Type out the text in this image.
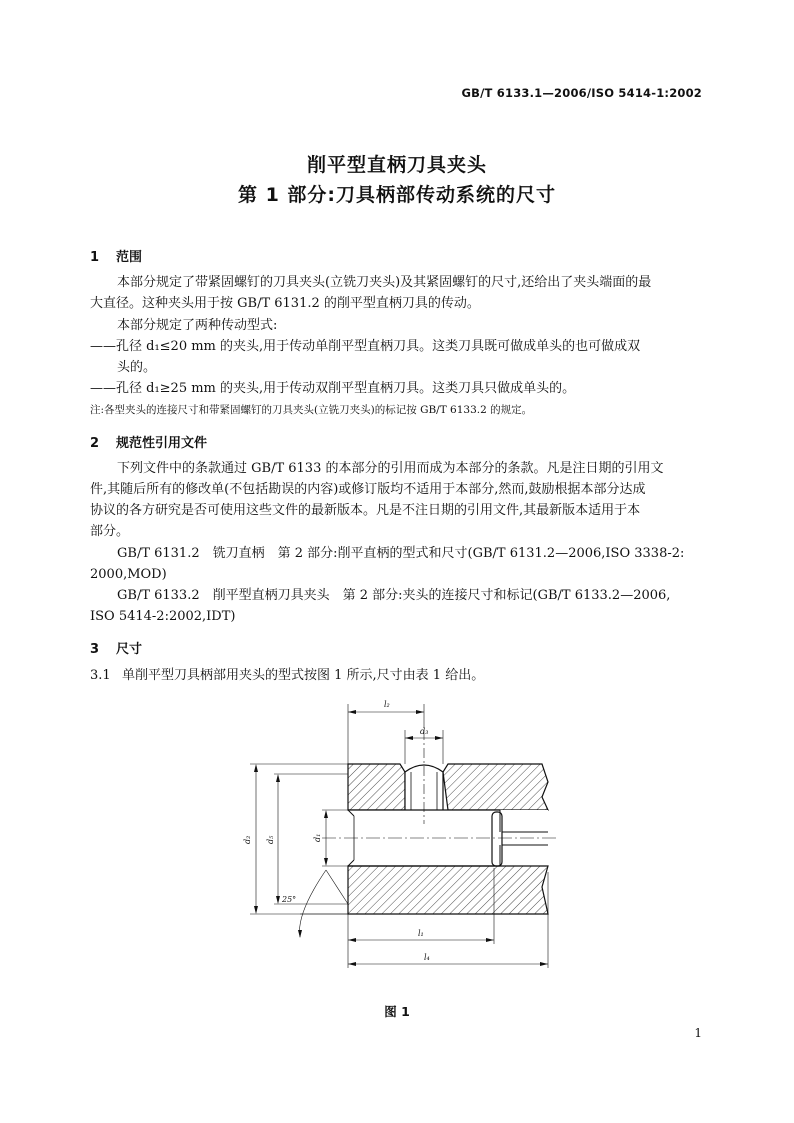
GB/T 6133.1—2006/ISO 5414-1:2002
削平型直柄刀具夹头
第 1 部分:刀具柄部传动系统的尺寸
1 范围
本部分规定了带紧固螺钉的刀具夹头(立铣刀夹头)及其紧固螺钉的尺寸,还给出了夹头端面的最
大直径。这种夹头用于按 GB/T 6131.2 的削平型直柄刀具的传动。
本部分规定了两种传动型式:
——孔径 d₁≤20 mm 的夹头,用于传动单削平型直柄刀具。这类刀具既可做成单头的也可做成双
头的。
——孔径 d₁≥25 mm 的夹头,用于传动双削平型直柄刀具。这类刀具只做成单头的。
注:各型夹头的连接尺寸和带紧固螺钉的刀具夹头(立铣刀夹头)的标记按 GB/T 6133.2 的规定。
2 规范性引用文件
下列文件中的条款通过 GB/T 6133 的本部分的引用而成为本部分的条款。凡是注日期的引用文
件,其随后所有的修改单(不包括勘误的内容)或修订版均不适用于本部分,然而,鼓励根据本部分达成
协议的各方研究是否可使用这些文件的最新版本。凡是不注日期的引用文件,其最新版本适用于本
部分。
GB/T 6131.2　铣刀直柄　第 2 部分:削平直柄的型式和尺寸(GB/T 6131.2—2006,ISO 3338-2:
2000,MOD)
GB/T 6133.2　削平型直柄刀具夹头　第 2 部分:夹头的连接尺寸和标记(GB/T 6133.2—2006,
ISO 5414-2:2002,IDT)
3 尺寸
3.1 单削平型刀具柄部用夹头的型式按图 1 所示,尺寸由表 1 给出。
d₂ d₅	d₁
l₂
d₃
25°
l₁
l₄
图 1
1
